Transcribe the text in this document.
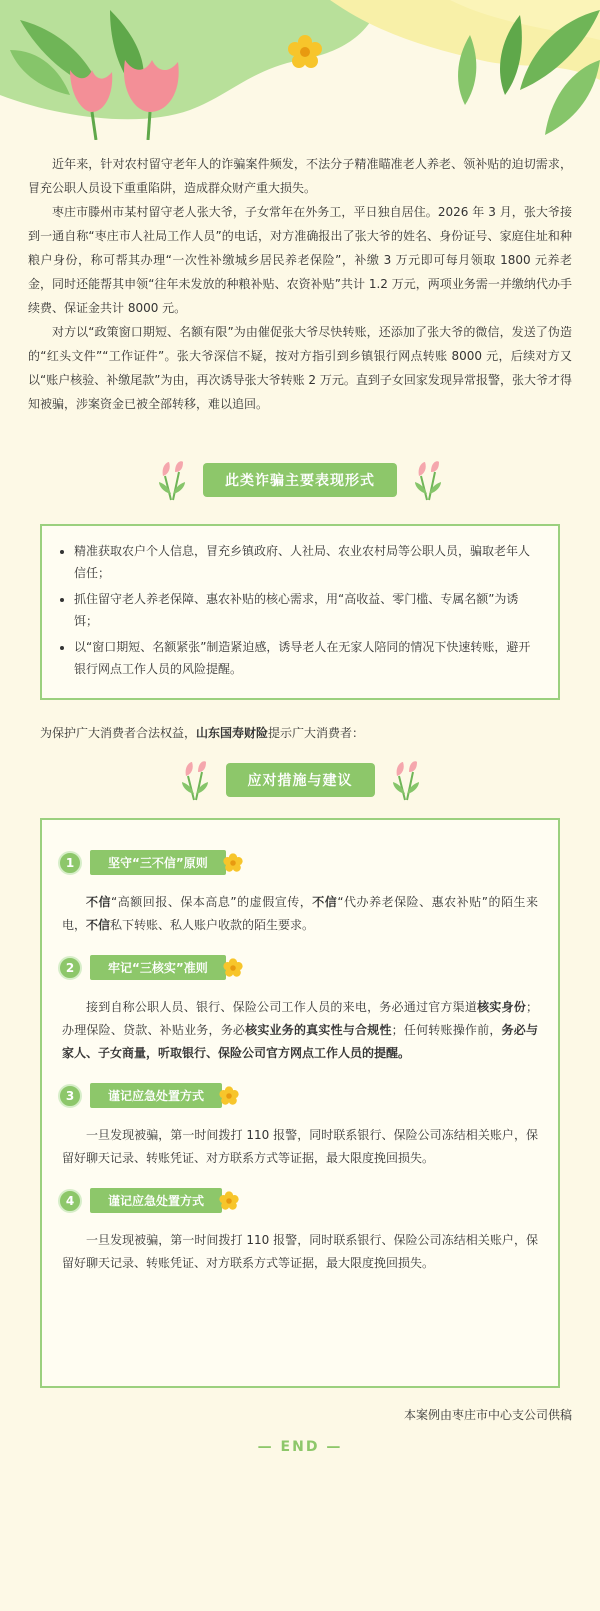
近年来，针对农村留守老年人的诈骗案件频发，不法分子精准瞄准老人养老、领补贴的迫切需求，冒充公职人员设下重重陷阱，造成群众财产重大损失。

枣庄市滕州市某村留守老人张大爷，子女常年在外务工，平日独自居住。2026 年 3 月，张大爷接到一通自称“枣庄市人社局工作人员”的电话，对方准确报出了张大爷的姓名、身份证号、家庭住址和种粮户身份，称可帮其办理“一次性补缴城乡居民养老保险”，补缴 3 万元即可每月领取 1800 元养老金，同时还能帮其申领“往年未发放的种粮补贴、农资补贴”共计 1.2 万元，两项业务需一并缴纳代办手续费、保证金共计 8000 元。

对方以“政策窗口期短、名额有限”为由催促张大爷尽快转账，还添加了张大爷的微信，发送了伪造的“红头文件”“工作证件”。张大爷深信不疑，按对方指引到乡镇银行网点转账 8000 元，后续对方又以“账户核验、补缴尾款”为由，再次诱导张大爷转账 2 万元。直到子女回家发现异常报警，张大爷才得知被骗，涉案资金已被全部转移，难以追回。

此类诈骗主要表现形式
• 精准获取农户个人信息，冒充乡镇政府、人社局、农业农村局等公职人员，骗取老年人信任；
• 抓住留守老人养老保障、惠农补贴的核心需求，用“高收益、零门槛、专属名额”为诱饵；
• 以“窗口期短、名额紧张”制造紧迫感，诱导老人在无家人陪同的情况下快速转账，避开银行网点工作人员的风险提醒。

为保护广大消费者合法权益，山东国寿财险提示广大消费者：

应对措施与建议
1	坚守“三不信”原则

不信“高额回报、保本高息”的虚假宣传，不信“代办养老保险、惠农补贴”的陌生来电，不信私下转账、私人账户收款的陌生要求。

2	牢记“三核实”准则

接到自称公职人员、银行、保险公司工作人员的来电，务必通过官方渠道核实身份；办理保险、贷款、补贴业务，务必核实业务的真实性与合规性；任何转账操作前，务必与家人、子女商量，听取银行、保险公司官方网点工作人员的提醒。

3	谨记应急处置方式

一旦发现被骗，第一时间拨打 110 报警，同时联系银行、保险公司冻结相关账户，保留好聊天记录、转账凭证、对方联系方式等证据，最大限度挽回损失。

4	谨记应急处置方式

一旦发现被骗，第一时间拨打 110 报警，同时联系银行、保险公司冻结相关账户，保留好聊天记录、转账凭证、对方联系方式等证据，最大限度挽回损失。

本案例由枣庄市中心支公司供稿
— END —
